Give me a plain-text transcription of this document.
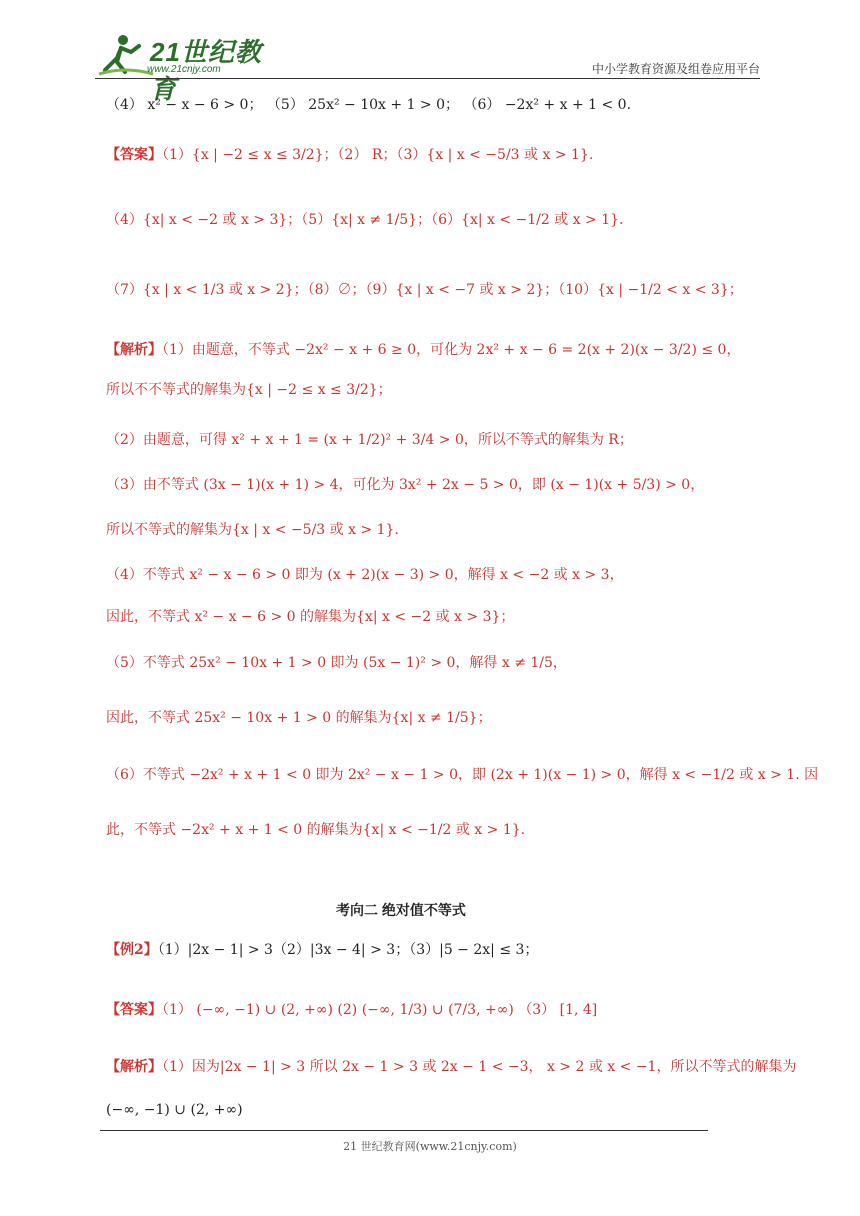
21世纪教育
www.21cnjy.com	中小学教育资源及组卷应用平台
考向二 绝对值不等式
（4） x² − x − 6 > 0； （5） 25x² − 10x + 1 > 0； （6） −2x² + x + 1 < 0.
【答案】（1）{x | −2 ≤ x ≤ 3/2}；（2） R；（3）{x | x < −5/3 或 x > 1}.
（4）{x| x < −2 或 x > 3}；（5）{x| x ≠ 1/5}；（6）{x| x < −1/2 或 x > 1}.
（7）{x | x < 1/3 或 x > 2}；（8）∅；（9）{x | x < −7 或 x > 2}；（10）{x | −1/2 < x < 3}；
【解析】（1）由题意，不等式 −2x² − x + 6 ≥ 0，可化为 2x² + x − 6 = 2(x + 2)(x − 3/2) ≤ 0，
所以不不等式的解集为{x | −2 ≤ x ≤ 3/2}；
（2）由题意，可得 x² + x + 1 = (x + 1/2)² + 3/4 > 0，所以不等式的解集为 R；
（3）由不等式 (3x − 1)(x + 1) > 4，可化为 3x² + 2x − 5 > 0，即 (x − 1)(x + 5/3) > 0，
所以不等式的解集为{x | x < −5/3 或 x > 1}.
（4）不等式 x² − x − 6 > 0 即为 (x + 2)(x − 3) > 0，解得 x < −2 或 x > 3，
因此，不等式 x² − x − 6 > 0 的解集为{x| x < −2 或 x > 3}；
（5）不等式 25x² − 10x + 1 > 0 即为 (5x − 1)² > 0，解得 x ≠ 1/5，
因此，不等式 25x² − 10x + 1 > 0 的解集为{x| x ≠ 1/5}；
（6）不等式 −2x² + x + 1 < 0 即为 2x² − x − 1 > 0，即 (2x + 1)(x − 1) > 0，解得 x < −1/2 或 x > 1. 因
此，不等式 −2x² + x + 1 < 0 的解集为{x| x < −1/2 或 x > 1}.
【例2】（1）|2x − 1| > 3（2）|3x − 4| > 3；（3）|5 − 2x| ≤ 3；
【答案】（1） (−∞, −1) ∪ (2, +∞) (2) (−∞, 1/3) ∪ (7/3, +∞) （3） [1, 4]
【解析】（1）因为|2x − 1| > 3 所以 2x − 1 > 3 或 2x − 1 < −3， x > 2 或 x < −1，所以不等式的解集为
(−∞, −1) ∪ (2, +∞)
21 世纪教育网(www.21cnjy.com)
